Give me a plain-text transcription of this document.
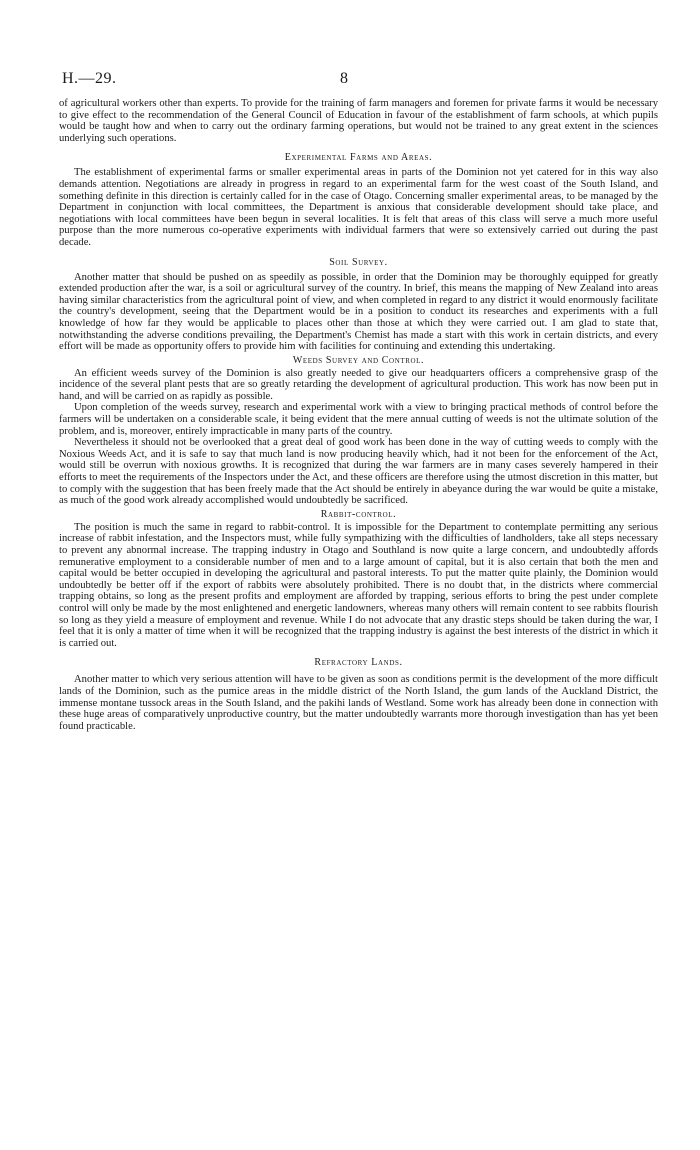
H.—29.	8

of agricultural workers other than experts. To provide for the training of farm managers and foremen for private farms it would be necessary to give effect to the recommendation of the General Council of Education in favour of the establishment of farm schools, at which pupils would be taught how and when to carry out the ordinary farming operations, but would not be trained to any great extent in the sciences underlying such operations.

Experimental Farms and Areas.

The establishment of experimental farms or smaller experimental areas in parts of the Dominion not yet catered for in this way also demands attention. Negotiations are already in progress in regard to an experimental farm for the west coast of the South Island, and something definite in this direction is certainly called for in the case of Otago. Concerning smaller experimental areas, to be managed by the Department in conjunction with local committees, the Department is anxious that considerable development should take place, and negotiations with local committees have been begun in several localities. It is felt that areas of this class will serve a much more useful purpose than the more numerous co-operative experiments with individual farmers that were so extensively carried out during the past decade.

Soil Survey.

Another matter that should be pushed on as speedily as possible, in order that the Dominion may be thoroughly equipped for greatly extended production after the war, is a soil or agricultural survey of the country. In brief, this means the mapping of New Zealand into areas having similar characteristics from the agricultural point of view, and when completed in regard to any district it would enormously facilitate the country's development, seeing that the Department would be in a position to conduct its researches and experiments with a full knowledge of how far they would be applicable to places other than those at which they were carried out. I am glad to state that, notwithstanding the adverse conditions prevailing, the Department's Chemist has made a start with this work in certain districts, and every effort will be made as opportunity offers to provide him with facilities for continuing and extending this undertaking.

Weeds Survey and Control.

An efficient weeds survey of the Dominion is also greatly needed to give our headquarters officers a comprehensive grasp of the incidence of the several plant pests that are so greatly retarding the development of agricultural production. This work has now been put in hand, and will be carried on as rapidly as possible.

Upon completion of the weeds survey, research and experimental work with a view to bringing practical methods of control before the farmers will be undertaken on a considerable scale, it being evident that the mere annual cutting of weeds is not the ultimate solution of the problem, and is, moreover, entirely impracticable in many parts of the country.

Nevertheless it should not be overlooked that a great deal of good work has been done in the way of cutting weeds to comply with the Noxious Weeds Act, and it is safe to say that much land is now producing heavily which, had it not been for the enforcement of the Act, would still be overrun with noxious growths. It is recognized that during the war farmers are in many cases severely hampered in their efforts to meet the requirements of the Inspectors under the Act, and these officers are therefore using the utmost discretion in this matter, but to comply with the suggestion that has been freely made that the Act should be entirely in abeyance during the war would be quite a mistake, as much of the good work already accomplished would undoubtedly be sacrificed.

Rabbit-control.

The position is much the same in regard to rabbit-control. It is impossible for the Department to contemplate permitting any serious increase of rabbit infestation, and the Inspectors must, while fully sympathizing with the difficulties of landholders, take all steps necessary to prevent any abnormal increase. The trapping industry in Otago and Southland is now quite a large concern, and undoubtedly affords remunerative employment to a considerable number of men and to a large amount of capital, but it is also certain that both the men and capital would be better occupied in developing the agricultural and pastoral interests. To put the matter quite plainly, the Dominion would undoubtedly be better off if the export of rabbits were absolutely prohibited. There is no doubt that, in the districts where commercial trapping obtains, so long as the present profits and employment are afforded by trapping, serious efforts to bring the pest under complete control will only be made by the most enlightened and energetic landowners, whereas many others will remain content to see rabbits flourish so long as they yield a measure of employment and revenue. While I do not advocate that any drastic steps should be taken during the war, I feel that it is only a matter of time when it will be recognized that the trapping industry is against the best interests of the district in which it is carried out.

Refractory Lands.

Another matter to which very serious attention will have to be given as soon as conditions permit is the development of the more difficult lands of the Dominion, such as the pumice areas in the middle district of the North Island, the gum lands of the Auckland District, the immense montane tussock areas in the South Island, and the pakihi lands of Westland. Some work has already been done in connection with these huge areas of comparatively unproductive country, but the matter undoubtedly warrants more thorough investigation than has yet been found practicable.
